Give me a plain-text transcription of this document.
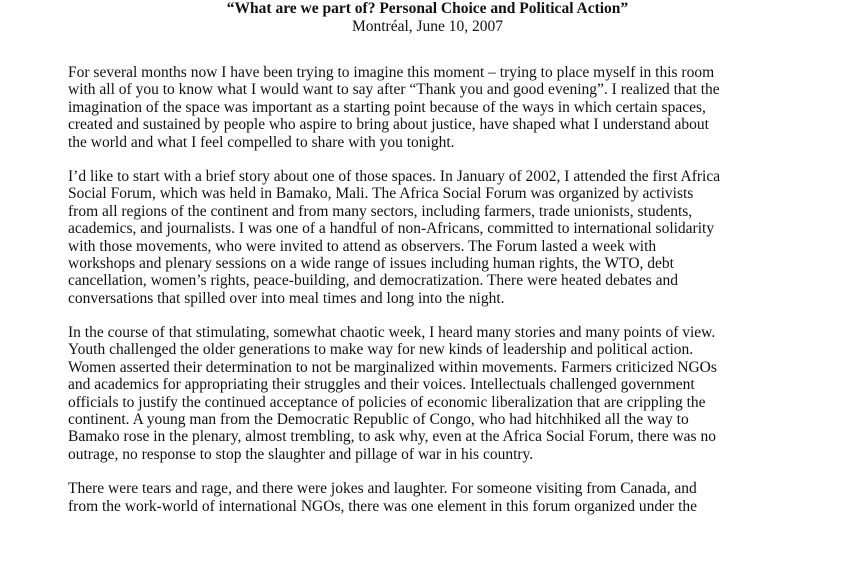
“What are we part of? Personal Choice and Political Action”
Montréal, June 10, 2007
For several months now I have been trying to imagine this moment – trying to place myself in this room
with all of you to know what I would want to say after “Thank you and good evening”. I realized that the
imagination of the space was important as a starting point because of the ways in which certain spaces,
created and sustained by people who aspire to bring about justice, have shaped what I understand about
the world and what I feel compelled to share with you tonight.
I’d like to start with a brief story about one of those spaces. In January of 2002, I attended the first Africa
Social Forum, which was held in Bamako, Mali. The Africa Social Forum was organized by activists
from all regions of the continent and from many sectors, including farmers, trade unionists, students,
academics, and journalists. I was one of a handful of non-Africans, committed to international solidarity
with those movements, who were invited to attend as observers. The Forum lasted a week with
workshops and plenary sessions on a wide range of issues including human rights, the WTO, debt
cancellation, women’s rights, peace-building, and democratization. There were heated debates and
conversations that spilled over into meal times and long into the night.
In the course of that stimulating, somewhat chaotic week, I heard many stories and many points of view.
Youth challenged the older generations to make way for new kinds of leadership and political action.
Women asserted their determination to not be marginalized within movements. Farmers criticized NGOs
and academics for appropriating their struggles and their voices. Intellectuals challenged government
officials to justify the continued acceptance of policies of economic liberalization that are crippling the
continent. A young man from the Democratic Republic of Congo, who had hitchhiked all the way to
Bamako rose in the plenary, almost trembling, to ask why, even at the Africa Social Forum, there was no
outrage, no response to stop the slaughter and pillage of war in his country.
There were tears and rage, and there were jokes and laughter. For someone visiting from Canada, and
from the work-world of international NGOs, there was one element in this forum organized under the
